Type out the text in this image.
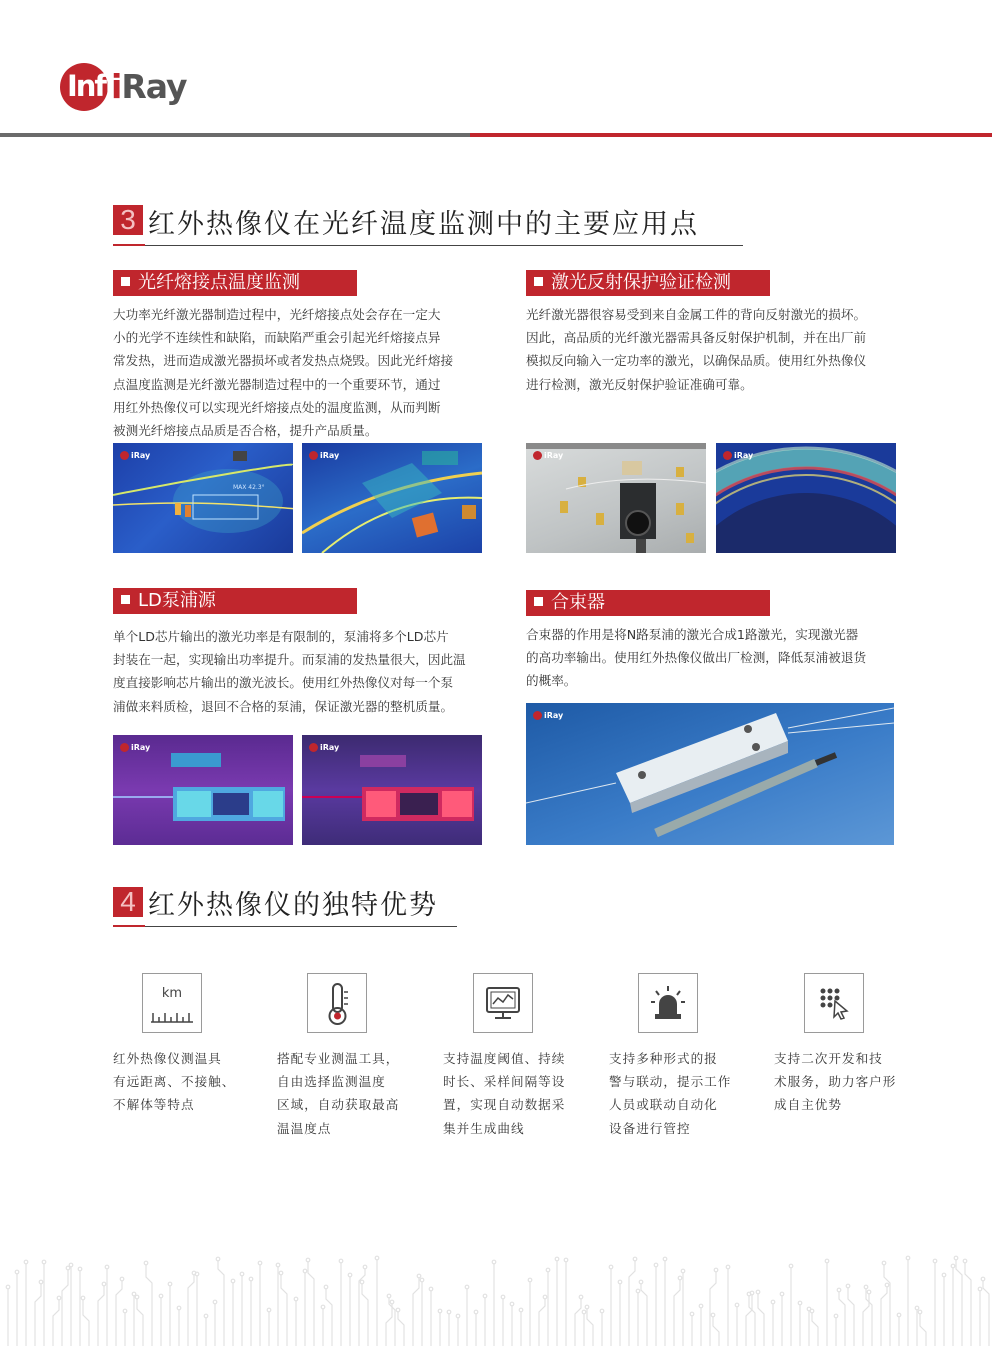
Infi
iRay
3 红外热像仪在光纤温度监测中的主要应用点
光纤熔接点温度监测
大功率光纤激光器制造过程中，光纤熔接点处会存在一定大
小的光学不连续性和缺陷，而缺陷严重会引起光纤熔接点异
常发热，进而造成激光器损坏或者发热点烧毁。因此光纤熔接
点温度监测是光纤激光器制造过程中的一个重要环节，通过
用红外热像仪可以实现光纤熔接点处的温度监测，从而判断
被测光纤熔接点品质是否合格，提升产品质量。
iRay
MAX 42.3°
iRay
激光反射保护验证检测
光纤激光器很容易受到来自金属工件的背向反射激光的损坏。
因此，高品质的光纤激光器需具备反射保护机制，并在出厂前
模拟反向输入一定功率的激光，以确保品质。使用红外热像仪
进行检测，激光反射保护验证准确可靠。
iRay	iRay
LD泵浦源
单个LD芯片输出的激光功率是有限制的，泵浦将多个LD芯片
封装在一起，实现输出功率提升。而泵浦的发热量很大，因此温
度直接影响芯片输出的激光波长。使用红外热像仪对每一个泵
浦做来料质检，退回不合格的泵浦，保证激光器的整机质量。
iRay	iRay
合束器
合束器的作用是将N路泵浦的激光合成1路激光，实现激光器
的高功率输出。使用红外热像仪做出厂检测，降低泵浦被退货
的概率。
iRay
4 红外热像仪的独特优势
km
红外热像仪测温具
有远距离、不接触、
不解体等特点
搭配专业测温工具，
自由选择监测温度
区域，自动获取最高
温温度点
支持温度阈值、持续
时长、采样间隔等设
置，实现自动数据采
集并生成曲线
支持多种形式的报
警与联动，提示工作
人员或联动自动化
设备进行管控
支持二次开发和技
术服务，助力客户形
成自主优势
